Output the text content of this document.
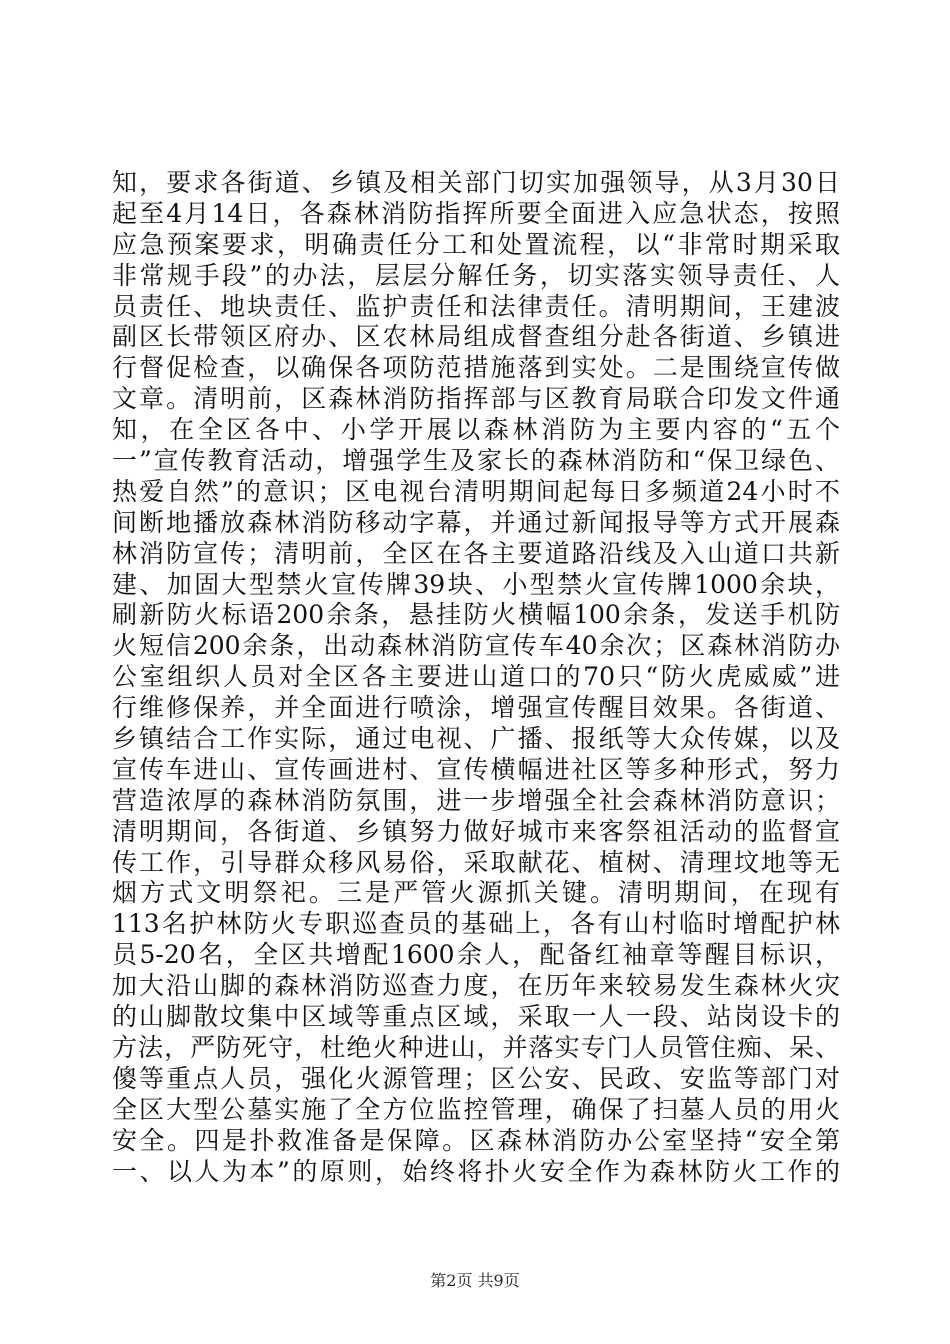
知，要求各街道、乡镇及相关部门切实加强领导，从3月30日
起至4月14日，各森林消防指挥所要全面进入应急状态，按照
应急预案要求，明确责任分工和处置流程，以“非常时期采取
非常规手段”的办法，层层分解任务，切实落实领导责任、人
员责任、地块责任、监护责任和法律责任。清明期间，王建波
副区长带领区府办、区农林局组成督查组分赴各街道、乡镇进
行督促检查，以确保各项防范措施落到实处。二是围绕宣传做
文章。清明前，区森林消防指挥部与区教育局联合印发文件通
知，在全区各中、小学开展以森林消防为主要内容的“五个
一”宣传教育活动，增强学生及家长的森林消防和“保卫绿色、
热爱自然”的意识；区电视台清明期间起每日多频道24小时不
间断地播放森林消防移动字幕，并通过新闻报导等方式开展森
林消防宣传；清明前，全区在各主要道路沿线及入山道口共新
建、加固大型禁火宣传牌39块、小型禁火宣传牌1000余块，
刷新防火标语200余条，悬挂防火横幅100余条，发送手机防
火短信200余条，出动森林消防宣传车40余次；区森林消防办
公室组织人员对全区各主要进山道口的70只“防火虎威威”进
行维修保养，并全面进行喷涂，增强宣传醒目效果。各街道、
乡镇结合工作实际，通过电视、广播、报纸等大众传媒，以及
宣传车进山、宣传画进村、宣传横幅进社区等多种形式，努力
营造浓厚的森林消防氛围，进一步增强全社会森林消防意识；
清明期间，各街道、乡镇努力做好城市来客祭祖活动的监督宣
传工作，引导群众移风易俗，采取献花、植树、清理坟地等无
烟方式文明祭祀。三是严管火源抓关键。清明期间，在现有
113名护林防火专职巡查员的基础上，各有山村临时增配护林
员5-20名，全区共增配1600余人，配备红袖章等醒目标识，
加大沿山脚的森林消防巡查力度，在历年来较易发生森林火灾
的山脚散坟集中区域等重点区域，采取一人一段、站岗设卡的
方法，严防死守，杜绝火种进山，并落实专门人员管住痴、呆、
傻等重点人员，强化火源管理；区公安、民政、安监等部门对
全区大型公墓实施了全方位监控管理，确保了扫墓人员的用火
安全。四是扑救准备是保障。区森林消防办公室坚持“安全第
一、以人为本”的原则，始终将扑火安全作为森林防火工作的
第2页 共9页
